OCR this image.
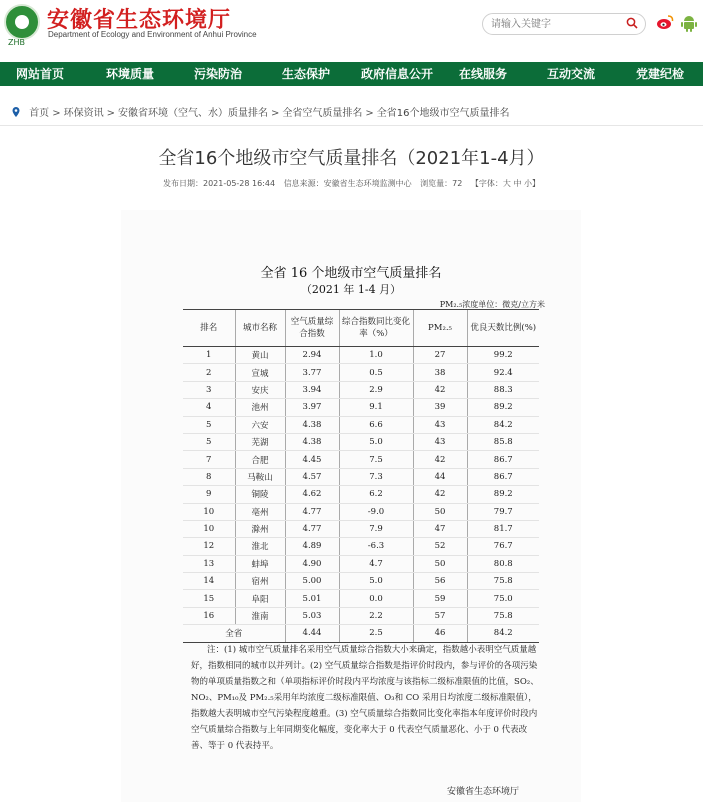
ZHB
安徽省生态环境厅
Department of Ecology and Environment of Anhui Province
请输入关键字
网站首页	环境质量	污染防治	生态保护	政府信息公开 在线服务	互动交流	党建纪检
首页 > 环保资讯 > 安徽省环境（空气、水）质量排名 > 全省空气质量排名 > 全省16个地级市空气质量排名
全省16个地级市空气质量排名（2021年1-4月）
发布日期：2021-05-28 16:44 信息来源：安徽省生态环境监测中心 浏览量：72 【字体：大 中 小】
全省 16 个地级市空气质量排名
（2021 年 1-4 月）
PM₂.₅浓度单位：微克/立方米
排名	城市名称	空气质量综合指数	综合指数同比变化率（%）	PM₂.₅	优良天数比例(%)
1	黄山	2.94	1.0	27	99.2
2	宣城	3.77	0.5	38	92.4
3	安庆	3.94	2.9	42	88.3
4	池州	3.97	9.1	39	89.2
5	六安	4.38	6.6	43	84.2
5	芜湖	4.38	5.0	43	85.8
7	合肥	4.45	7.5	42	86.7
8	马鞍山	4.57	7.3	44	86.7
9	铜陵	4.62	6.2	42	89.2
10	亳州	4.77	-9.0	50	79.7
10	滁州	4.77	7.9	47	81.7
12	淮北	4.89	-6.3	52	76.7
13	蚌埠	4.90	4.7	50	80.8
14	宿州	5.00	5.0	56	75.8
15	阜阳	5.01	0.0	59	75.0
16	淮南	5.03	2.2	57	75.8
全省		4.44	2.5	46	84.2
注：(1) 城市空气质量排名采用空气质量综合指数大小来确定，指数越小表明空气质量越好，指数相同的城市以并列计。(2) 空气质量综合指数是指评价时段内，参与评价的各项污染物的单项质量指数之和（单项指标评价时段内平均浓度与该指标二级标准限值的比值，SO₂、NO₂、PM₁₀及 PM₂.₅采用年均浓度二级标准限值、O₃和 CO 采用日均浓度二级标准限值），指数越大表明城市空气污染程度越重。(3) 空气质量综合指数同比变化率指本年度评价时段内空气质量综合指数与上年同期变化幅度，变化率大于 0 代表空气质量恶化、小于 0 代表改善、等于 0 代表持平。
安徽省生态环境厅
